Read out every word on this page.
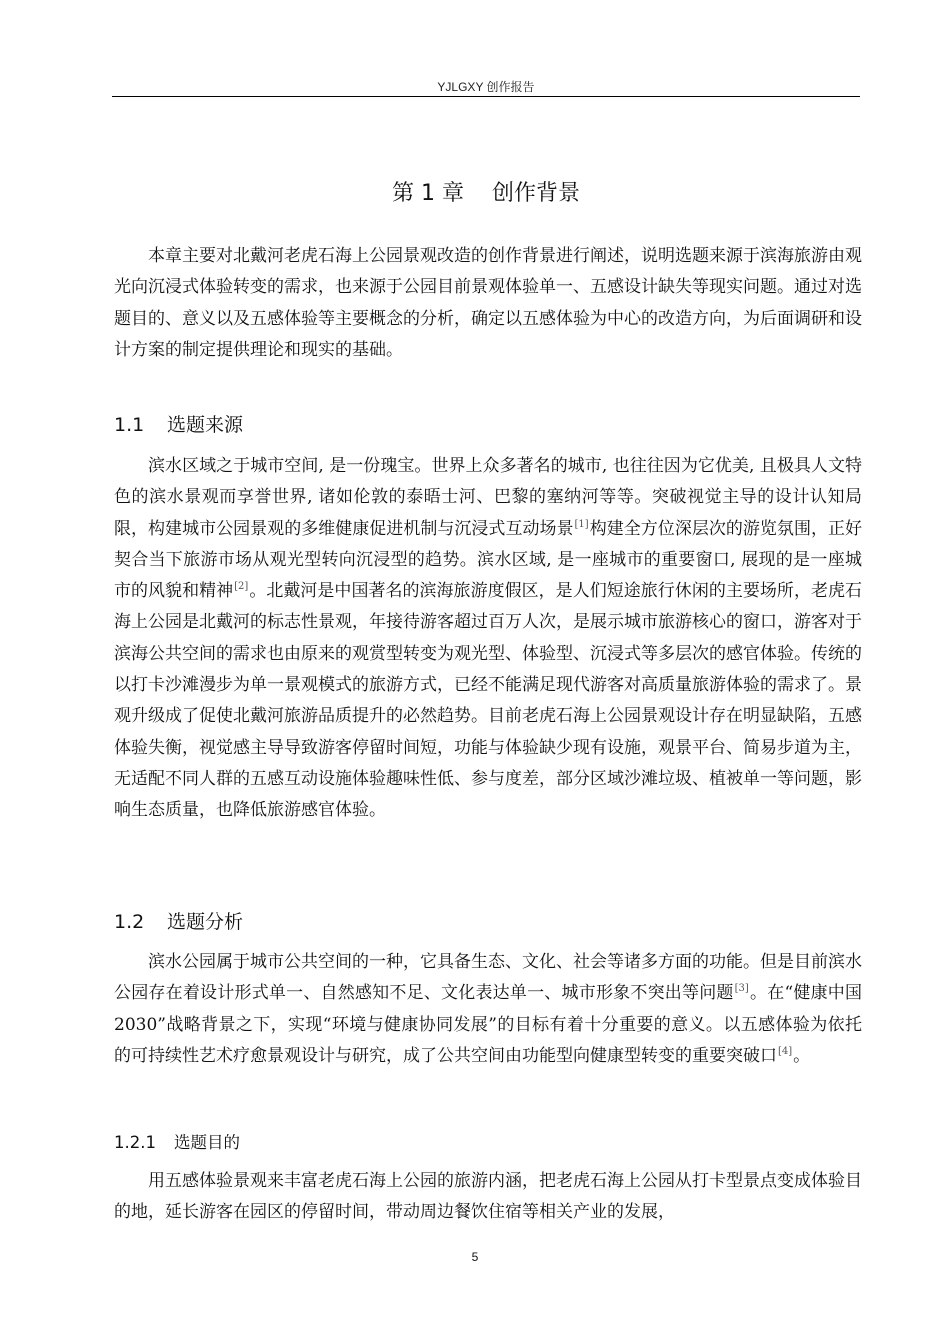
YJLGXY 创作报告
第 1 章 创作背景
本章主要对北戴河老虎石海上公园景观改造的创作背景进行阐述，说明选题来源于滨海旅游由观光向沉浸式体验转变的需求，也来源于公园目前景观体验单一、五感设计缺失等现实问题。通过对选题目的、意义以及五感体验等主要概念的分析，确定以五感体验为中心的改造方向，为后面调研和设计方案的制定提供理论和现实的基础。
1.1 选题来源
滨水区域之于城市空间, 是一份瑰宝。世界上众多著名的城市, 也往往因为它优美, 且极具人文特色的滨水景观而享誉世界, 诸如伦敦的泰晤士河、巴黎的塞纳河等等。突破视觉主导的设计认知局限，构建城市公园景观的多维健康促进机制与沉浸式互动场景[1]构建全方位深层次的游览氛围，正好契合当下旅游市场从观光型转向沉浸型的趋势。滨水区域, 是一座城市的重要窗口, 展现的是一座城市的风貌和精神[2]。北戴河是中国著名的滨海旅游度假区，是人们短途旅行休闲的主要场所，老虎石海上公园是北戴河的标志性景观，年接待游客超过百万人次，是展示城市旅游核心的窗口，游客对于滨海公共空间的需求也由原来的观赏型转变为观光型、体验型、沉浸式等多层次的感官体验。传统的以打卡沙滩漫步为单一景观模式的旅游方式，已经不能满足现代游客对高质量旅游体验的需求了。景观升级成了促使北戴河旅游品质提升的必然趋势。目前老虎石海上公园景观设计存在明显缺陷，五感体验失衡，视觉感主导导致游客停留时间短，功能与体验缺少现有设施，观景平台、简易步道为主，无适配不同人群的五感互动设施体验趣味性低、参与度差，部分区域沙滩垃圾、植被单一等问题，影响生态质量，也降低旅游感官体验。
1.2 选题分析
滨水公园属于城市公共空间的一种，它具备生态、文化、社会等诸多方面的功能。但是目前滨水公园存在着设计形式单一、自然感知不足、文化表达单一、城市形象不突出等问题[3]。在“健康中国 2030”战略背景之下，实现“环境与健康协同发展”的目标有着十分重要的意义。以五感体验为依托的可持续性艺术疗愈景观设计与研究，成了公共空间由功能型向健康型转变的重要突破口[4]。
1.2.1 选题目的
用五感体验景观来丰富老虎石海上公园的旅游内涵，把老虎石海上公园从打卡型景点变成体验目的地，延长游客在园区的停留时间，带动周边餐饮住宿等相关产业的发展，
5
